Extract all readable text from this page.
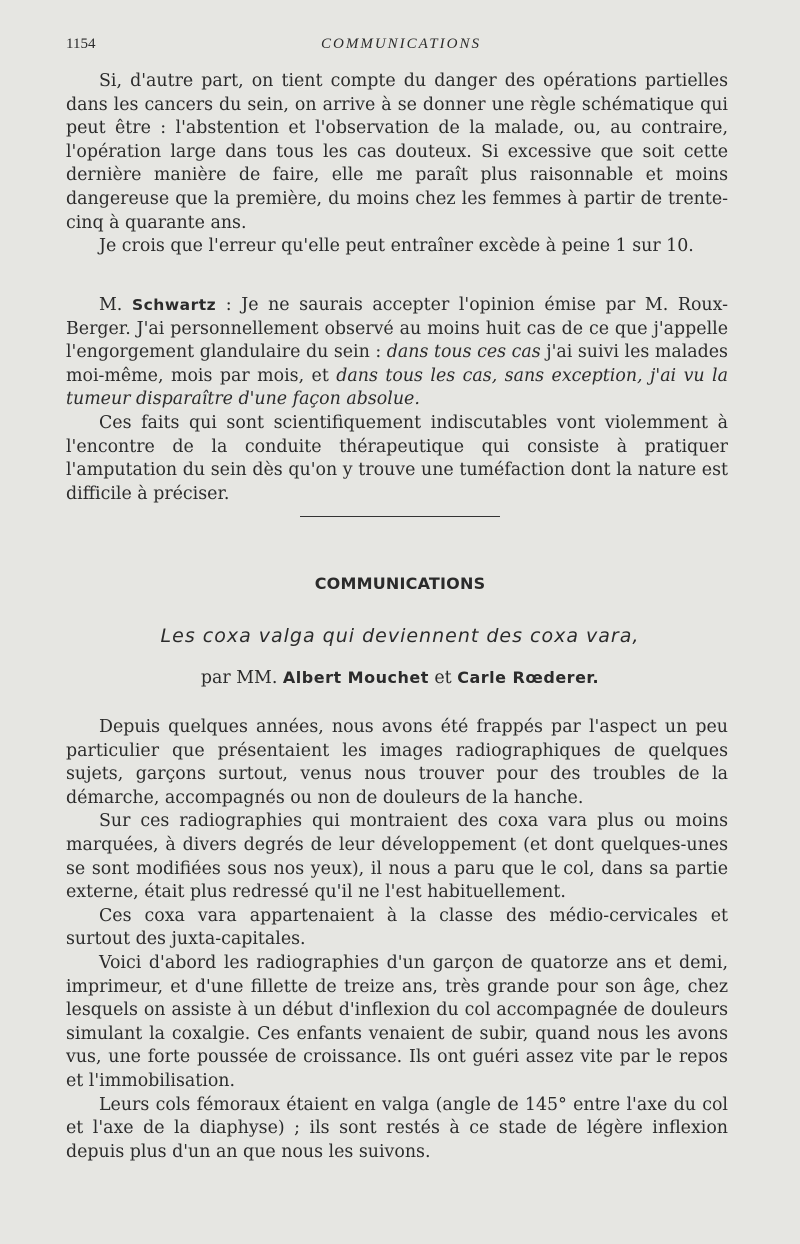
1154	COMMUNICATIONS

Si, d'autre part, on tient compte du danger des opérations partielles dans les cancers du sein, on arrive à se donner une règle schématique qui peut être : l'abstention et l'observation de la malade, ou, au contraire, l'opération large dans tous les cas douteux. Si excessive que soit cette dernière manière de faire, elle me paraît plus raisonnable et moins dangereuse que la première, du moins chez les femmes à partir de trente-cinq à quarante ans.

Je crois que l'erreur qu'elle peut entraîner excède à peine 1 sur 10.

M. Schwartz : Je ne saurais accepter l'opinion émise par M. Roux-Berger. J'ai personnellement observé au moins huit cas de ce que j'appelle l'engorgement glandulaire du sein : dans tous ces cas j'ai suivi les malades moi-même, mois par mois, et dans tous les cas, sans exception, j'ai vu la tumeur disparaître d'une façon absolue.

Ces faits qui sont scientifiquement indiscutables vont violemment à l'encontre de la conduite thérapeutique qui consiste à pratiquer l'amputation du sein dès qu'on y trouve une tuméfaction dont la nature est difficile à préciser.

COMMUNICATIONS
Les coxa valga qui deviennent des coxa vara,
par MM. Albert Mouchet et Carle Rœderer.

Depuis quelques années, nous avons été frappés par l'aspect un peu particulier que présentaient les images radiographiques de quelques sujets, garçons surtout, venus nous trouver pour des troubles de la démarche, accompagnés ou non de douleurs de la hanche.

Sur ces radiographies qui montraient des coxa vara plus ou moins marquées, à divers degrés de leur développement (et dont quelques-unes se sont modifiées sous nos yeux), il nous a paru que le col, dans sa partie externe, était plus redressé qu'il ne l'est habituellement.

Ces coxa vara appartenaient à la classe des médio-cervicales et surtout des juxta-capitales.

Voici d'abord les radiographies d'un garçon de quatorze ans et demi, imprimeur, et d'une fillette de treize ans, très grande pour son âge, chez lesquels on assiste à un début d'inflexion du col accompagnée de douleurs simulant la coxalgie. Ces enfants venaient de subir, quand nous les avons vus, une forte poussée de croissance. Ils ont guéri assez vite par le repos et l'immobilisation.

Leurs cols fémoraux étaient en valga (angle de 145° entre l'axe du col et l'axe de la diaphyse) ; ils sont restés à ce stade de légère inflexion depuis plus d'un an que nous les suivons.
